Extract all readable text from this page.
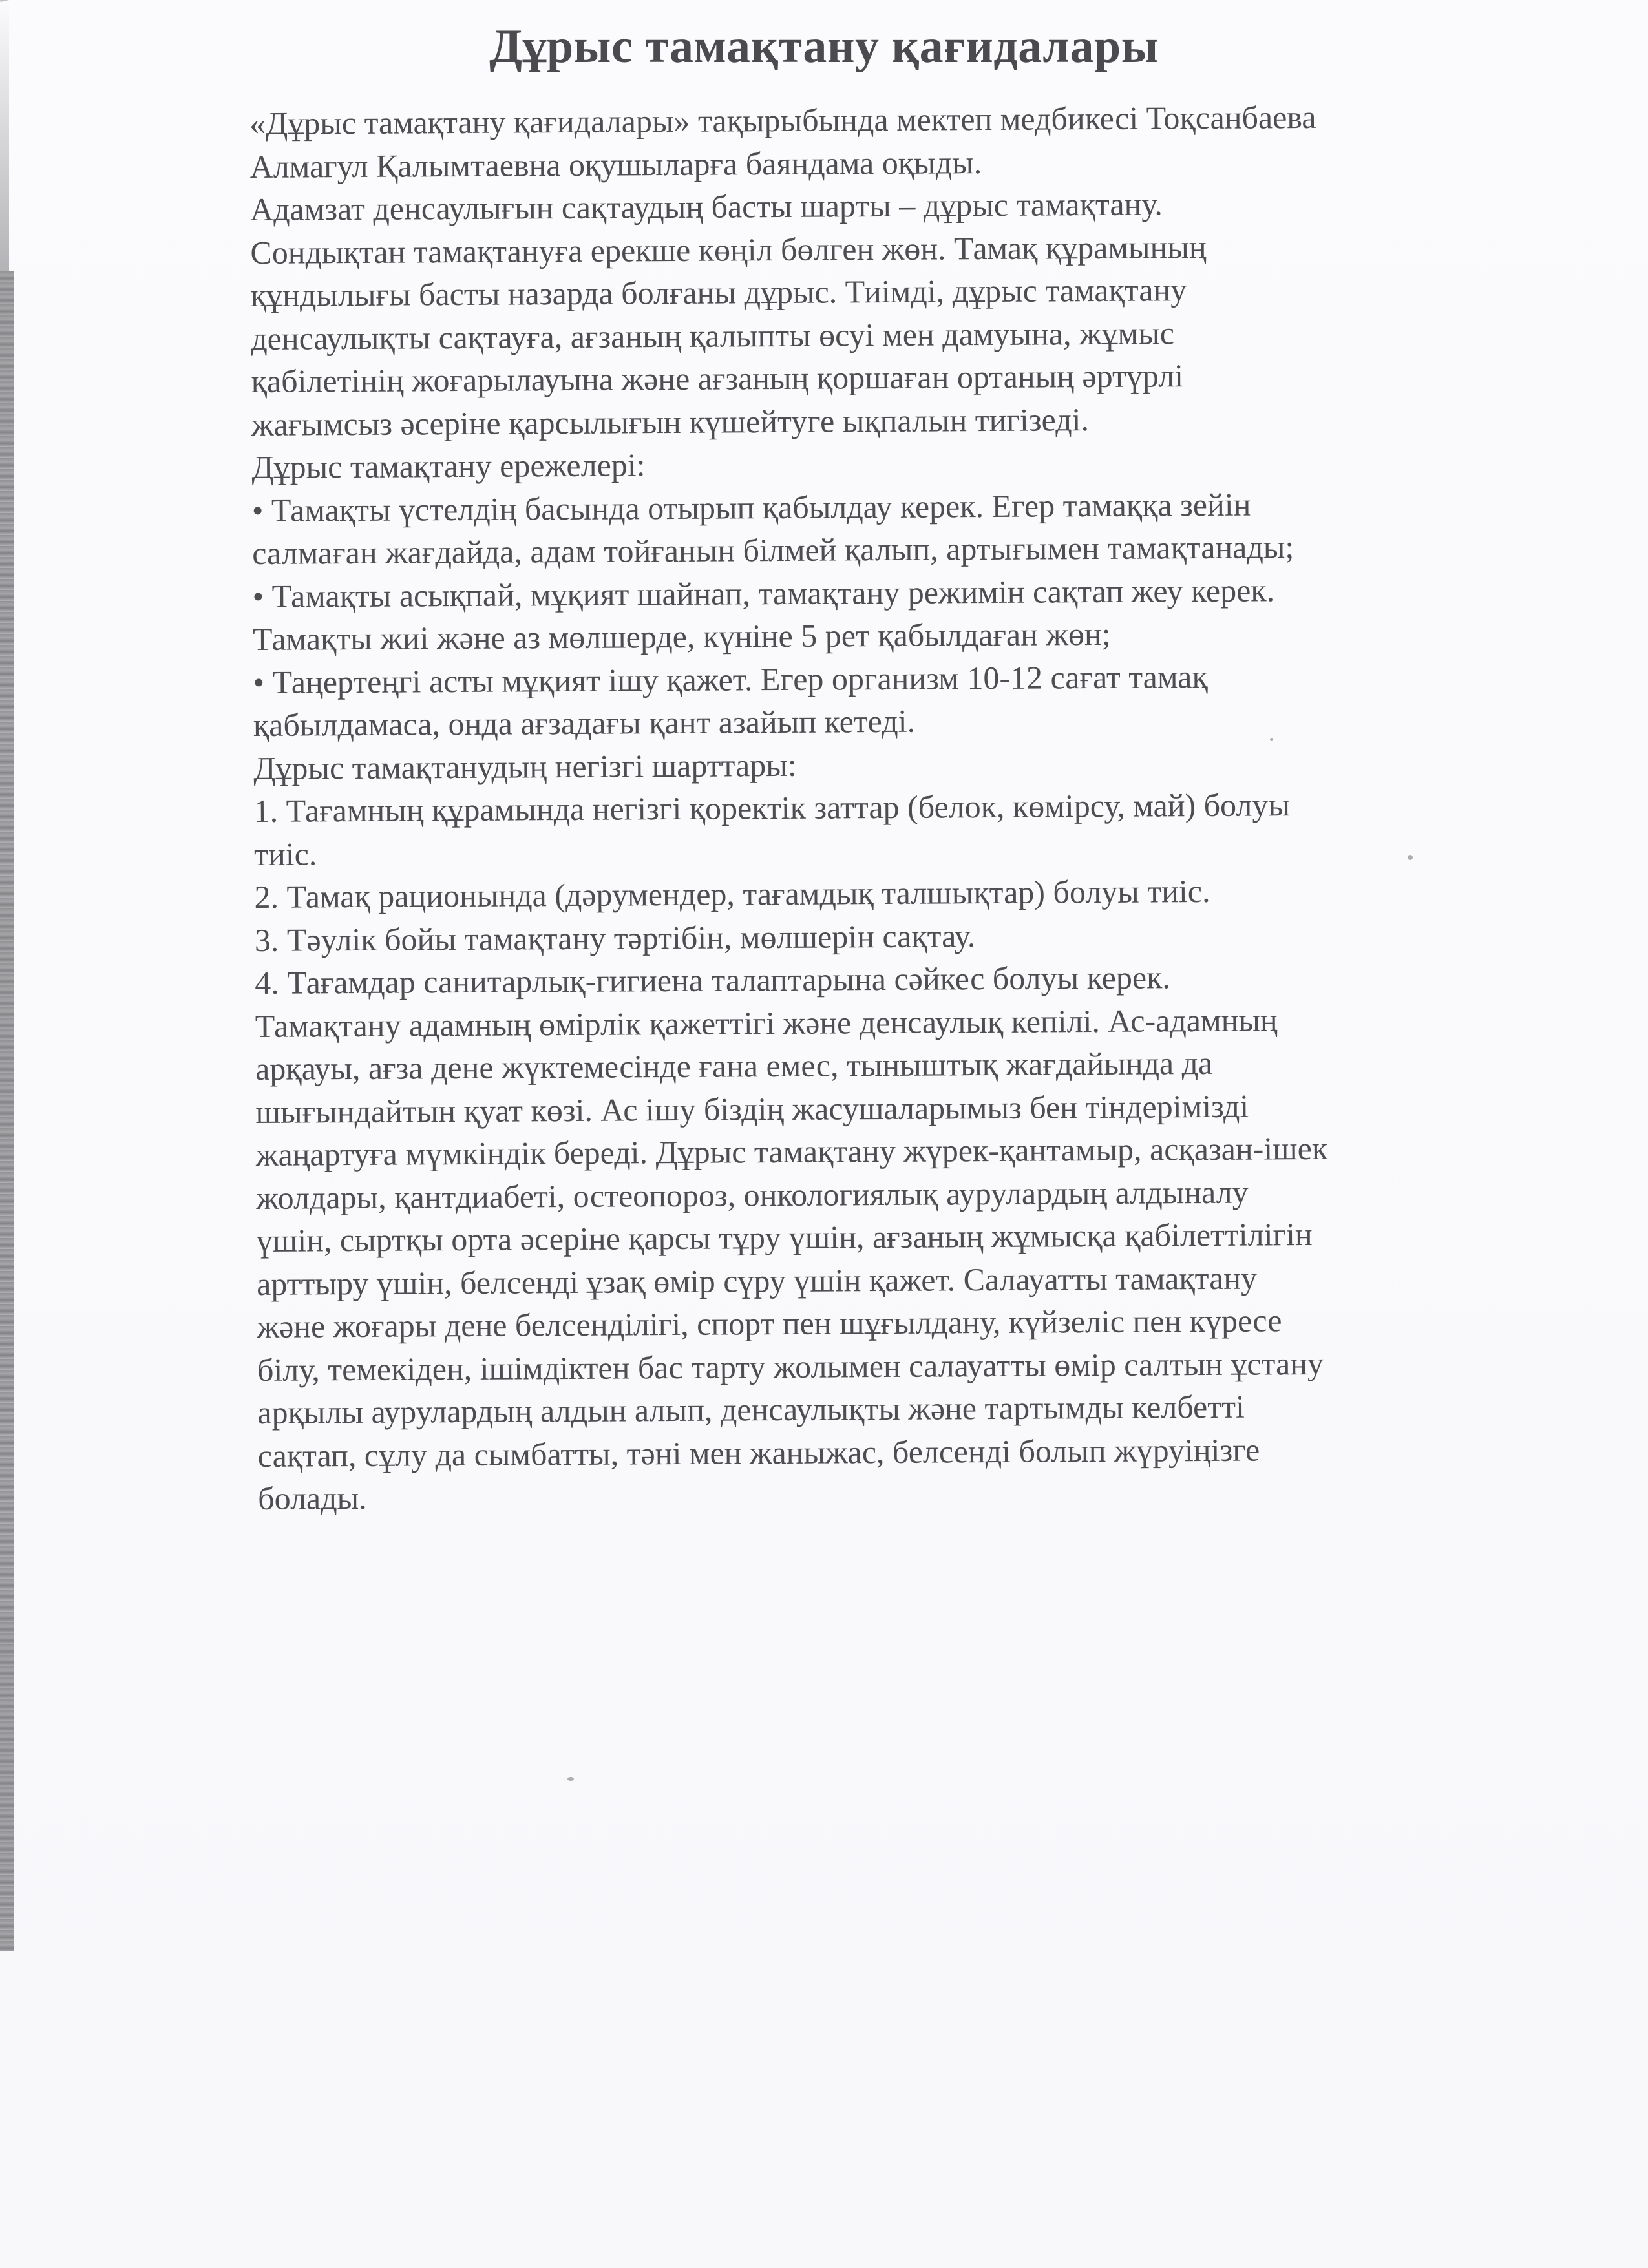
Дұрыс тамақтану қағидалары
«Дұрыс тамақтану қағидалары» тақырыбында мектеп медбикесі Тоқсанбаева
Алмагул Қалымтаевна оқушыларға баяндама оқыды.
Адамзат денсаулығын сақтаудың басты шарты – дұрыс тамақтану.
Сондықтан тамақтануға ерекше көңіл бөлген жөн. Тамақ құрамының
құндылығы басты назарда болғаны дұрыс. Тиімді, дұрыс тамақтану
денсаулықты сақтауға, ағзаның қалыпты өсуі мен дамуына, жұмыс
қабілетінің жоғарылауына және ағзаның қоршаған ортаның әртүрлі
жағымсыз әсеріне қарсылығын күшейтуге ықпалын тигізеді.
Дұрыс тамақтану ережелері:
• Тамақты үстелдің басында отырып қабылдау керек. Егер тамаққа зейін
салмаған жағдайда, адам тойғанын білмей қалып, артығымен тамақтанады;
• Тамақты асықпай, мұқият шайнап, тамақтану режимін сақтап жеу керек.
Тамақты жиі және аз мөлшерде, күніне 5 рет қабылдаған жөн;
• Таңертеңгі асты мұқият ішу қажет. Егер организм 10-12 сағат тамақ
қабылдамаса, онда ағзадағы қант азайып кетеді.
Дұрыс тамақтанудың негізгі шарттары:
1. Тағамның құрамында негізгі қоректік заттар (белок, көмірсу, май) болуы
тиіс.
2. Тамақ рационында (дәрумендер, тағамдық талшықтар) болуы тиіс.
3. Тәулік бойы тамақтану тәртібін, мөлшерін сақтау.
4. Тағамдар санитарлық-гигиена талаптарына сәйкес болуы керек.
Тамақтану адамның өмірлік қажеттігі және денсаулық кепілі. Ас-адамның
арқауы, ағза дене жүктемесінде ғана емес, тыныштық жағдайында да
шығындайтын қуат көзі. Ас ішу біздің жасушаларымыз бен тіндерімізді
жаңартуға мүмкіндік береді. Дұрыс тамақтану жүрек-қантамыр, асқазан-ішек
жолдары, қантдиабеті, остеопороз, онкологиялық аурулардың алдыналу
үшін, сыртқы орта әсеріне қарсы тұру үшін, ағзаның жұмысқа қабілеттілігін
арттыру үшін, белсенді ұзақ өмір сүру үшін қажет. Салауатты тамақтану
және жоғары дене белсенділігі, спорт пен шұғылдану, күйзеліс пен күресе
білу, темекіден, ішімдіктен бас тарту жолымен салауатты өмір салтын ұстану
арқылы аурулардың алдын алып, денсаулықты және тартымды келбетті
сақтап, сұлу да сымбатты, тәні мен жаныжас, белсенді болып жүруіңізге
болады.
